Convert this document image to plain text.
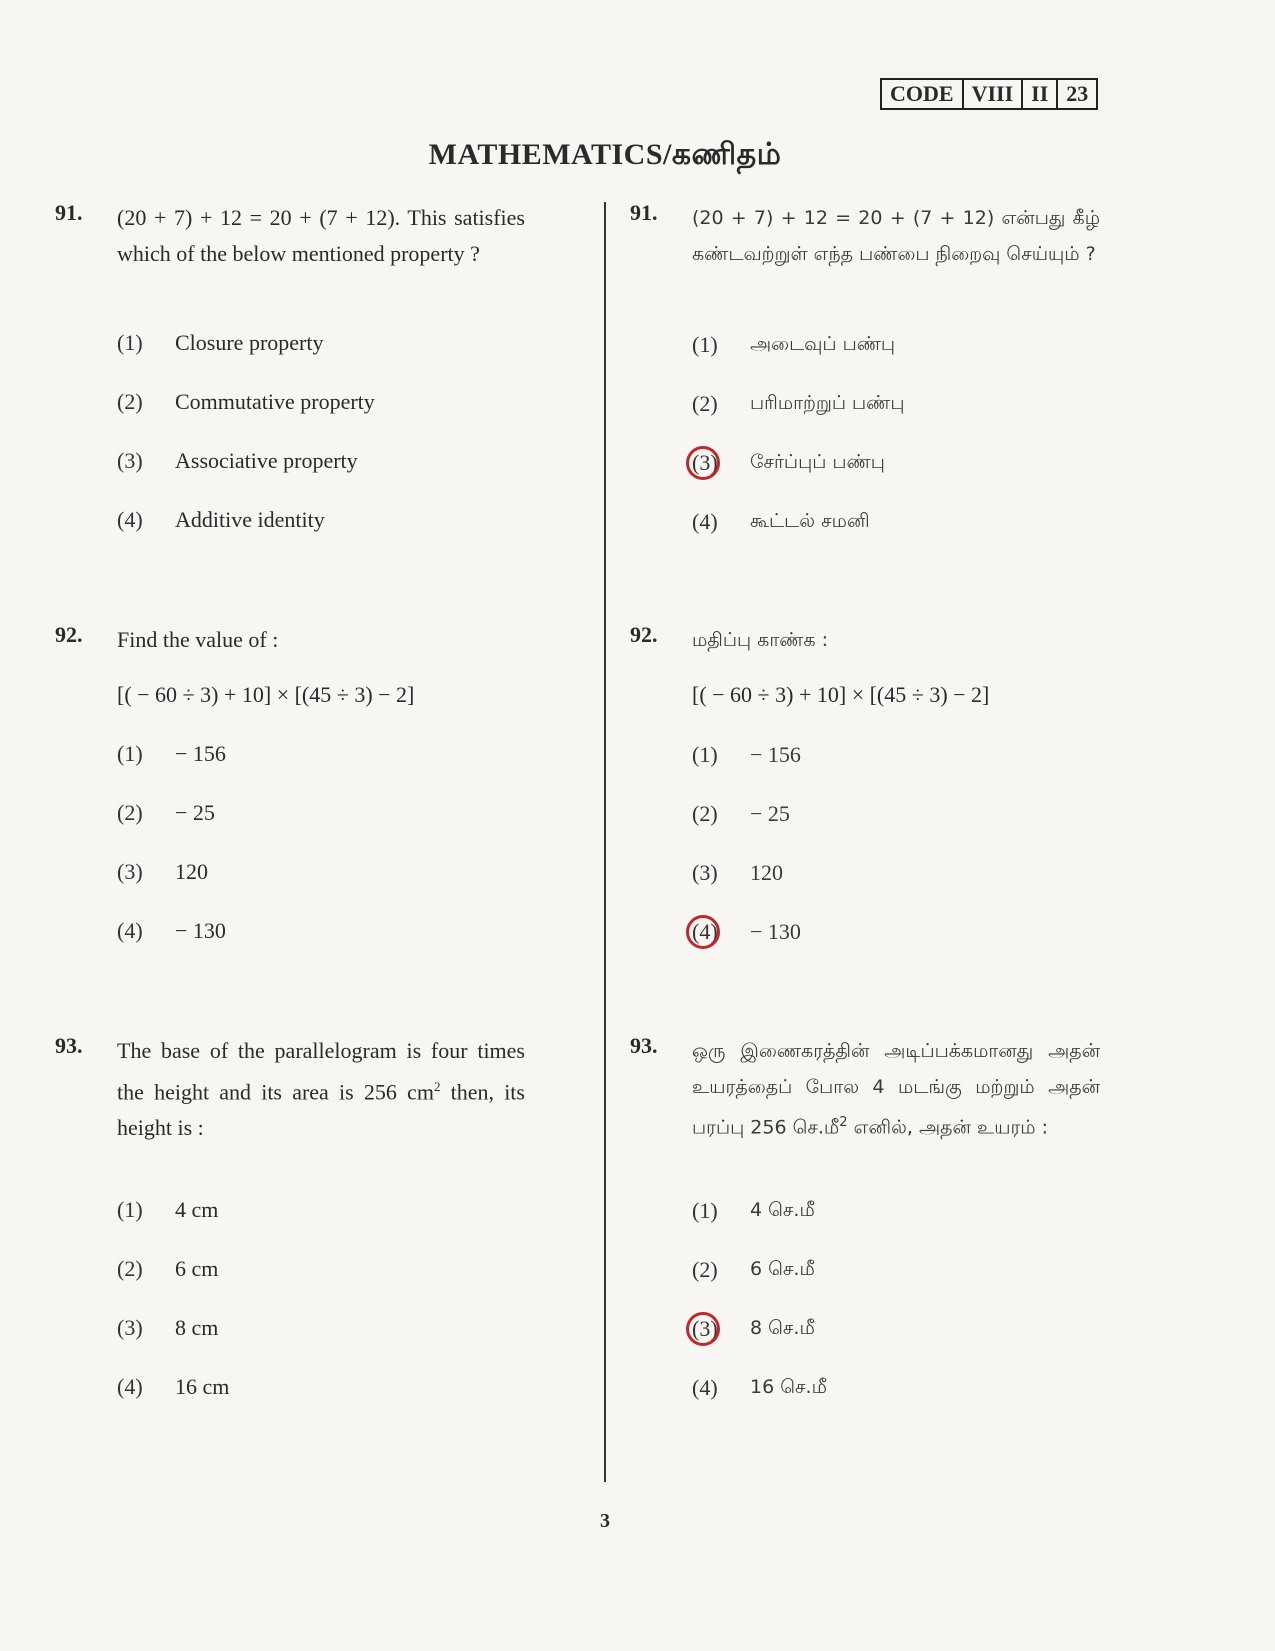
CODE VIII II 23
MATHEMATICS/கணிதம்
91.	(20 + 7) + 12 = 20 + (7 + 12). This satisfies which of the below mentioned property ?
(1)	Closure property
(2)	Commutative property
(3)	Associative property
(4)	Additive identity
92.	Find the value of :
[( − 60 ÷ 3) + 10] × [(45 ÷ 3) − 2]
(1)	− 156
(2)	− 25
(3)	120
(4)	− 130
93.	The base of the parallelogram is four times the height and its area is 256 $cm^2$ then, its height is :
(1)	4 cm
(2)	6 cm
(3)	8 cm
(4)	16 cm
91.	(20 + 7) + 12 = 20 + (7 + 12) என்பது கீழ் கண்டவற்றுள் எந்த பண்பை நிறைவு செய்யும் ?
(1)	அடைவுப் பண்பு
(2)	பரிமாற்றுப் பண்பு
(3)	சேர்ப்புப் பண்பு
(4)	கூட்டல் சமனி
92.	மதிப்பு காண்க :
[( − 60 ÷ 3) + 10] × [(45 ÷ 3) − 2]
(1)	− 156
(2)	− 25
(3)	120
(4)	− 130
93.	ஒரு இணைகரத்தின் அடிப்பக்கமானது அதன் உயரத்தைப் போல 4 மடங்கு மற்றும் அதன் பரப்பு 256 செ.மீ$^2$ எனில், அதன் உயரம் :
(1)	4 செ.மீ
(2)	6 செ.மீ
(3)	8 செ.மீ
(4)	16 செ.மீ
3
